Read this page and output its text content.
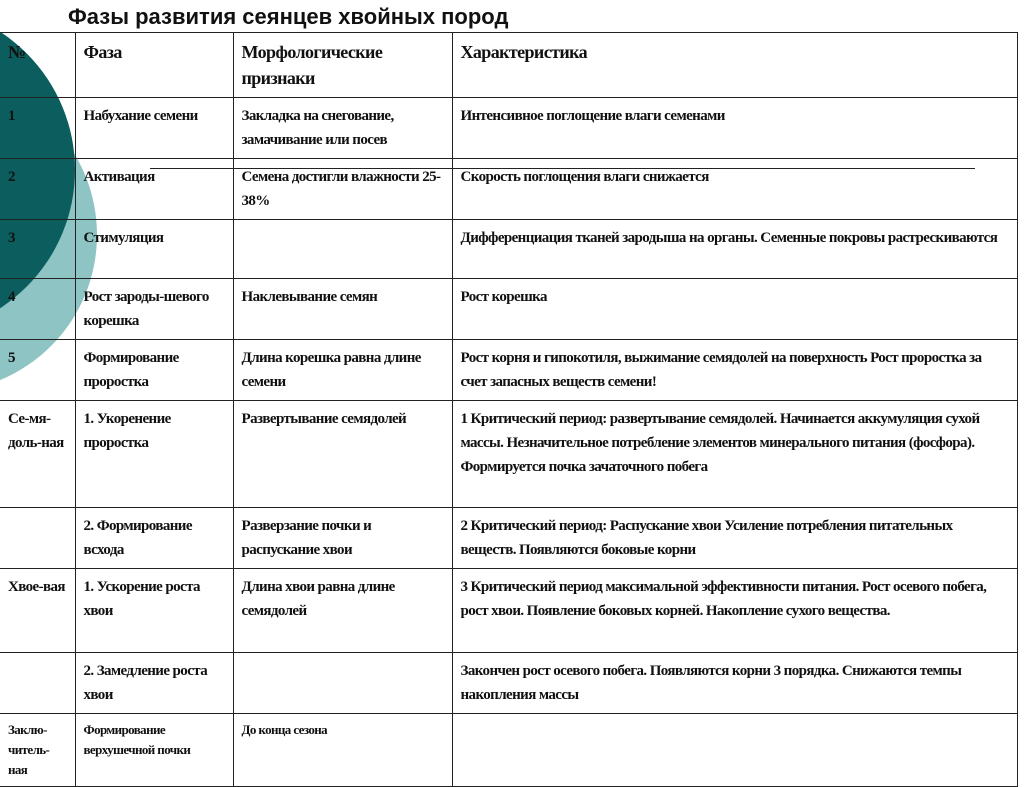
Фазы развития сеянцев хвойных пород
№	Фаза	Морфологические признаки	Характеристика
1	Набухание семени	Закладка на снегование, замачивание или посев	Интенсивное поглощение влаги семенами
2	Активация	Семена достигли влажности 25-38%	Скорость поглощения влаги снижается
3	Стимуляция		Дифференциация тканей зародыша на органы. Семенные покровы растрескиваются
4	Рост зароды-шевого корешка	Наклевывание семян	Рост корешка
5	Формирование проростка	Длина корешка равна длине семени	Рост корня и гипокотиля, выжимание семядолей на поверхность Рост проростка за счет запасных веществ семени!
Се-мя-доль-ная	1. Укоренение проростка	Развертывание семядолей	1 Критический период: развертывание семядолей. Начинается аккумуляция сухой массы. Незначительное потребление элементов минерального питания (фосфора). Формируется почка зачаточного побега
	2. Формирование всхода	Разверзание почки и распускание хвои	2 Критический период: Распускание хвои Усиление потребления питательных веществ. Появляются боковые корни
Хвое-вая	1. Ускорение роста хвои	Длина хвои равна длине семядолей	3 Критический период максимальной эффективности питания. Рост осевого побега, рост хвои. Появление боковых корней. Накопление сухого вещества.
	2. Замедление роста хвои		Закончен рост осевого побега. Появляются корни 3 порядка. Снижаются темпы накопления массы
Заклю-читель-ная	Формирование верхушечной почки	До конца сезона	
